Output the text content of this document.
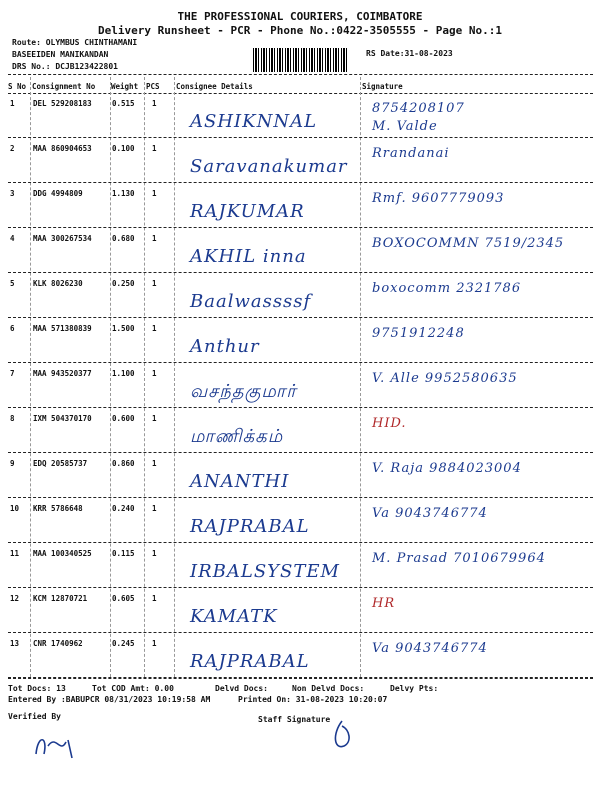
THE PROFESSIONAL COURIERS, COIMBATORE
Delivery Runsheet - PCR - Phone No.:0422-3505555 - Page No.:1
Route: OLYMBUS CHINTHAMANI
BASEEIDEN MANIKANDAN
DRS No.: DCJB123422801
RS Date:31-08-2023
S No Consignment No Weight PCS Consignee Details	Signature
1 DEL 529208183	0.515 1
ASHIKNNAL
8754208107
M. Valde
2 MAA 860904653	0.100 1
Saravanakumar
Rrandanai
3 DDG 4994809	1.130 1
RAJKUMAR
Rmf. 9607779093
4 MAA 300267534	0.680 1
AKHIL inna
BOXOCOMMN 7519/2345
5 KLK 8026230	0.250 1
Baalwassssf
boxocomm 2321786
6 MAA 571380839	1.500 1
Anthur
9751912248
7 MAA 943520377	1.100 1
வசந்தகுமார்
V. Alle 9952580635
8 IXM 504370170	0.600 1
மாணிக்கம்
HID.
9 EDQ 20585737	0.860 1
ANANTHI
V. Raja 9884023004
10 KRR 5786648	0.240 1
RAJPRABAL
Va 9043746774
11 MAA 100340525	0.115 1
IRBALSYSTEM
M. Prasad 7010679964
12 KCM 12870721	0.605 1
KAMATK
HR
13 CNR 1740962	0.245 1
RAJPRABAL
Va 9043746774
Tot Docs: 13	Tot COD Amt: 0.00	Delvd Docs:	Non Delvd Docs:	Delvy Pts:
Entered By :BABUPCR 08/31/2023 10:19:58 AM	Printed On: 31-08-2023 10:20:07
Verified By	Staff Signature
